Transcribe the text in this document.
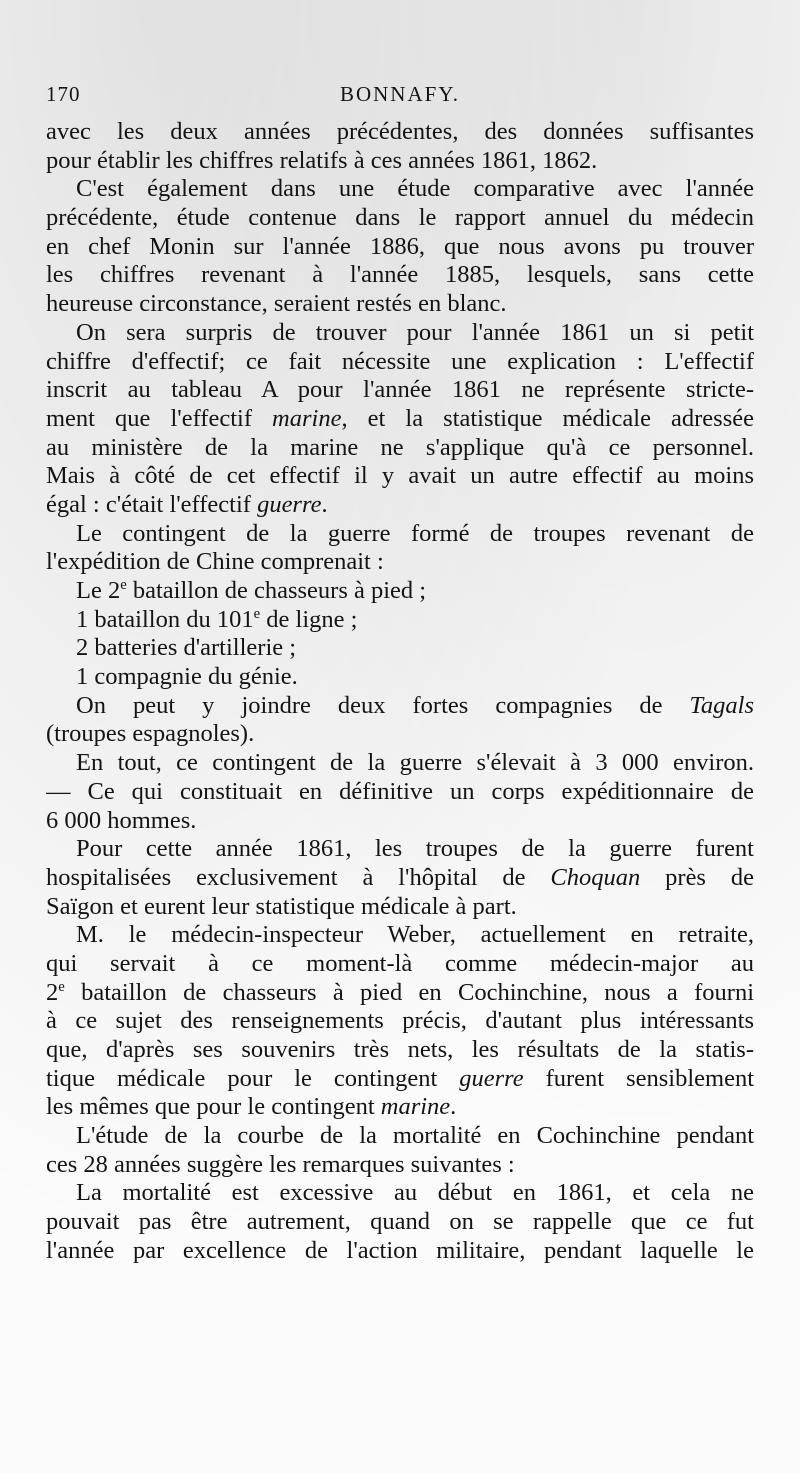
170	BONNAFY.
avec les deux années précédentes, des données suffisantes
pour établir les chiffres relatifs à ces années 1861, 1862.
C'est également dans une étude comparative avec l'année
précédente, étude contenue dans le rapport annuel du médecin
en chef Monin sur l'année 1886, que nous avons pu trouver
les chiffres revenant à l'année 1885, lesquels, sans cette
heureuse circonstance, seraient restés en blanc.
On sera surpris de trouver pour l'année 1861 un si petit
chiffre d'effectif; ce fait nécessite une explication : L'effectif
inscrit au tableau A pour l'année 1861 ne représente stricte-
ment que l'effectif marine, et la statistique médicale adressée
au ministère de la marine ne s'applique qu'à ce personnel.
Mais à côté de cet effectif il y avait un autre effectif au moins
égal : c'était l'effectif guerre.
Le contingent de la guerre formé de troupes revenant de
l'expédition de Chine comprenait :
Le 2e bataillon de chasseurs à pied ;
1 bataillon du 101e de ligne ;
2 batteries d'artillerie ;
1 compagnie du génie.
On peut y joindre deux fortes compagnies de Tagals
(troupes espagnoles).
En tout, ce contingent de la guerre s'élevait à 3 000 environ.
— Ce qui constituait en définitive un corps expéditionnaire de
6 000 hommes.
Pour cette année 1861, les troupes de la guerre furent
hospitalisées exclusivement à l'hôpital de Choquan près de
Saïgon et eurent leur statistique médicale à part.
M. le médecin-inspecteur Weber, actuellement en retraite,
qui servait à ce moment-là comme médecin-major au
2e bataillon de chasseurs à pied en Cochinchine, nous a fourni
à ce sujet des renseignements précis, d'autant plus intéressants
que, d'après ses souvenirs très nets, les résultats de la statis-
tique médicale pour le contingent guerre furent sensiblement
les mêmes que pour le contingent marine.
L'étude de la courbe de la mortalité en Cochinchine pendant
ces 28 années suggère les remarques suivantes :
La mortalité est excessive au début en 1861, et cela ne
pouvait pas être autrement, quand on se rappelle que ce fut
l'année par excellence de l'action militaire, pendant laquelle le
